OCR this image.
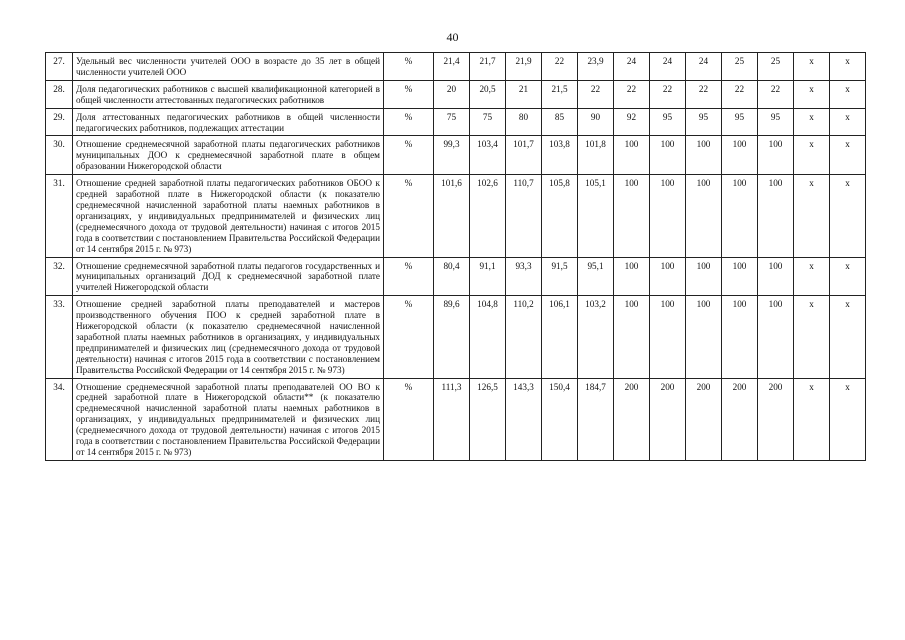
40
27.	Удельный вес численности учителей ООО в возрасте до 35 лет в общей численности учителей ООО	%	21,4	21,7	21,9	22	23,9	24	24	24	25	25	х	х
28.	Доля педагогических работников с высшей квалификационной категорией в общей численности аттестованных педагогических работников	%	20	20,5	21	21,5	22	22	22	22	22	22	х	х
29.	Доля аттестованных педагогических работников в общей численности педагогических работников, подлежащих аттестации	%	75	75	80	85	90	92	95	95	95	95	х	х
30.	Отношение среднемесячной заработной платы педагогических работников муниципальных ДОО к среднемесячной заработной плате в общем образовании Нижегородской области	%	99,3	103,4	101,7	103,8	101,8	100	100	100	100	100	х	х
31.	Отношение средней заработной платы педагогических работников ОБОО к средней заработной плате в Нижегородской области (к показателю среднемесячной начисленной заработной платы наемных работников в организациях, у индивидуальных предпринимателей и физических лиц (среднемесячного дохода от трудовой деятельности) начиная с итогов 2015 года в соответствии с постановлением Правительства Российской Федерации от 14 сентября 2015 г. № 973)	%	101,6	102,6	110,7	105,8	105,1	100	100	100	100	100	х	х
32.	Отношение среднемесячной заработной платы педагогов государственных и муниципальных организаций ДОД к среднемесячной заработной плате учителей Нижегородской области	%	80,4	91,1	93,3	91,5	95,1	100	100	100	100	100	х	х
33.	Отношение средней заработной платы преподавателей и мастеров производственного обучения ПОО к средней заработной плате в Нижегородской области (к показателю среднемесячной начисленной заработной платы наемных работников в организациях, у индивидуальных предпринимателей и физических лиц (среднемесячного дохода от трудовой деятельности) начиная с итогов 2015 года в соответствии с постановлением Правительства Российской Федерации от 14 сентября 2015 г. № 973)	%	89,6	104,8	110,2	106,1	103,2	100	100	100	100	100	х	х
34.	Отношение среднемесячной заработной платы преподавателей ОО ВО к средней заработной плате в Нижегородской области** (к показателю среднемесячной начисленной заработной платы наемных работников в организациях, у индивидуальных предпринимателей и физических лиц (среднемесячного дохода от трудовой деятельности) начиная с итогов 2015 года в соответствии с постановлением Правительства Российской Федерации от 14 сентября 2015 г. № 973)	%	111,3	126,5	143,3	150,4	184,7	200	200	200	200	200	х	х
